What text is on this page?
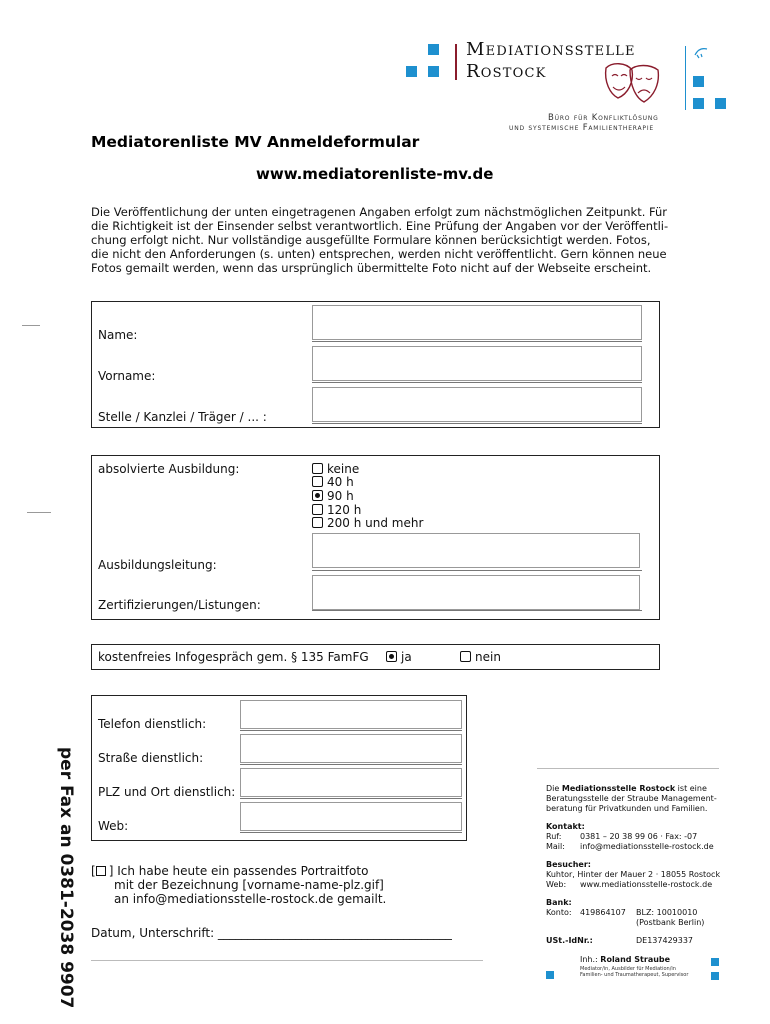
Mediationsstelle
Rostock
Büro für Konfliktlösung
und systemische Familientherapie
Mediatorenliste MV Anmeldeformular
www.mediatorenliste-mv.de
Die Veröffentlichung der unten eingetragenen Angaben erfolgt zum nächstmöglichen Zeitpunkt. Für
die Richtigkeit ist der Einsender selbst verantwortlich. Eine Prüfung der Angaben vor der Veröffentli-
chung erfolgt nicht. Nur vollständige ausgefüllte Formulare können berücksichtigt werden. Fotos,
die nicht den Anforderungen (s. unten) entsprechen, werden nicht veröffentlicht. Gern können neue
Fotos gemailt werden, wenn das ursprünglich übermittelte Foto nicht auf der Webseite erscheint.
Name:
Vorname:
Stelle / Kanzlei / Träger / ... :
absolvierte Ausbildung:	keine
40 h
90 h
120 h
200 h und mehr
Ausbildungsleitung:
Zertifizierungen/Listungen:
kostenfreies Infogespräch gem. § 135 FamFG	ja	nein
Telefon dienstlich:
Straße dienstlich:
PLZ und Ort dienstlich:
Web:
[ ] Ich habe heute ein passendes Portraitfoto
mit der Bezeichnung [vorname-name-plz.gif]
an info@mediationsstelle-rostock.de gemailt.
Datum, Unterschrift: _______________________________________
per Fax an 0381-2038 9907	Die Mediationsstelle Rostock ist eine
Beratungsstelle der Straube Management-
beratung für Privatkunden und Familien.
Kontakt:
Ruf: 0381 – 20 38 99 06 · Fax: -07
Mail: info@mediationsstelle-rostock.de
Besucher:
Kuhtor, Hinter der Mauer 2 · 18055 Rostock
Web: www.mediationsstelle-rostock.de
Bank:
Konto: 419864107 BLZ: 10010010
(Postbank Berlin)
USt.-IdNr.:	DE137429337
Inh.: Roland Straube
Mediator/in, Ausbilder für Mediation/in
Familien- und Traumatherapeut, Supervisor
